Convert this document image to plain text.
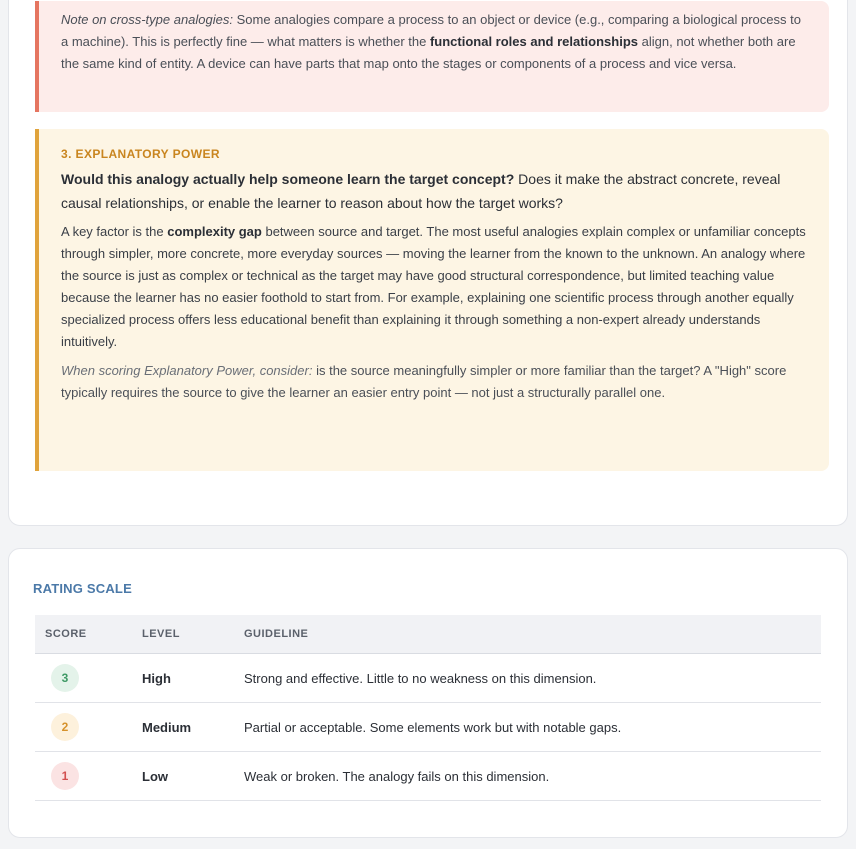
Note on cross-type analogies: Some analogies compare a process to an object or device (e.g., comparing a biological process to a machine). This is perfectly fine — what matters is whether the functional roles and relationships align, not whether both are the same kind of entity. A device can have parts that map onto the stages or components of a process and vice versa.

3. EXPLANATORY POWER

Would this analogy actually help someone learn the target concept? Does it make the abstract concrete, reveal causal relationships, or enable the learner to reason about how the target works?

A key factor is the complexity gap between source and target. The most useful analogies explain complex or unfamiliar concepts through simpler, more concrete, more everyday sources — moving the learner from the known to the unknown. An analogy where the source is just as complex or technical as the target may have good structural correspondence, but limited teaching value because the learner has no easier foothold to start from. For example, explaining one scientific process through another equally specialized process offers less educational benefit than explaining it through something a non-expert already understands intuitively.

When scoring Explanatory Power, consider: is the source meaningfully simpler or more familiar than the target? A "High" score typically requires the source to give the learner an easier entry point — not just a structurally parallel one.

RATING SCALE
SCORE	LEVEL	GUIDELINE
3	High	Strong and effective. Little to no weakness on this dimension.
2	Medium	Partial or acceptable. Some elements work but with notable gaps.
1	Low	Weak or broken. The analogy fails on this dimension.
